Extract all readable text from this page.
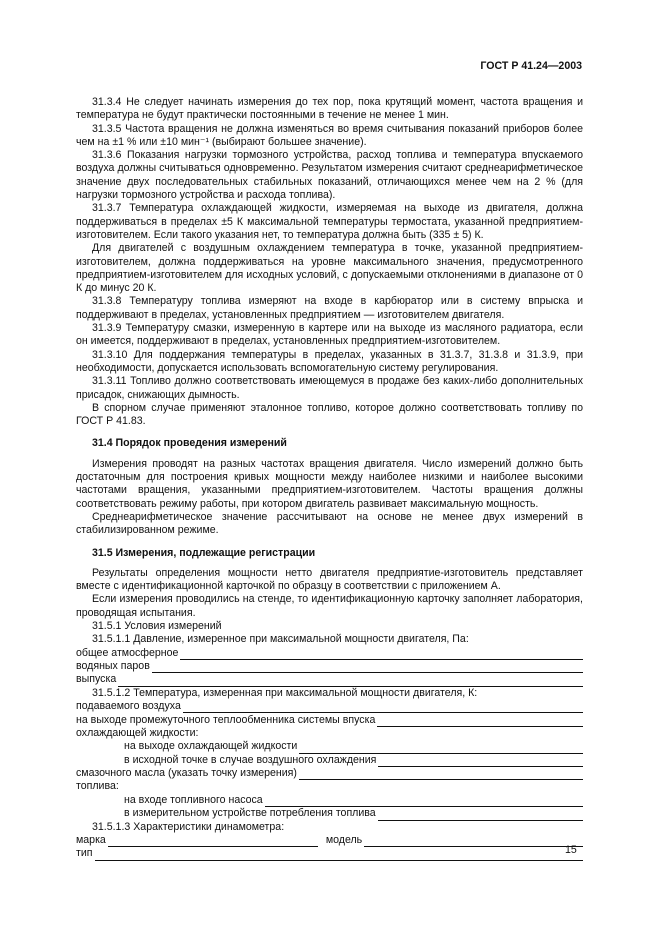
ГОСТ Р 41.24—2003

31.3.4 Не следует начинать измерения до тех пор, пока крутящий момент, частота вращения и температура не будут практически постоянными в течение не менее 1 мин.

31.3.5 Частота вращения не должна изменяться во время считывания показаний приборов более чем на ±1 % или ±10 мин⁻¹ (выбирают большее значение).

31.3.6 Показания нагрузки тормозного устройства, расход топлива и температура впускаемого воздуха должны считываться одновременно. Результатом измерения считают среднеарифметическое значение двух последовательных стабильных показаний, отличающихся менее чем на 2 % (для нагрузки тормозного устройства и расхода топлива).

31.3.7 Температура охлаждающей жидкости, измеряемая на выходе из двигателя, должна поддерживаться в пределах ±5 К максимальной температуры термостата, указанной предприятием-изготовителем. Если такого указания нет, то температура должна быть (335 ± 5) К.

Для двигателей с воздушным охлаждением температура в точке, указанной предприятием-изготовителем, должна поддерживаться на уровне максимального значения, предусмотренного предприятием-изготовителем для исходных условий, с допускаемыми отклонениями в диапазоне от 0 К до минус 20 К.

31.3.8 Температуру топлива измеряют на входе в карбюратор или в систему впрыска и поддерживают в пределах, установленных предприятием — изготовителем двигателя.

31.3.9 Температуру смазки, измеренную в картере или на выходе из масляного радиатора, если он имеется, поддерживают в пределах, установленных предприятием-изготовителем.

31.3.10 Для поддержания температуры в пределах, указанных в 31.3.7, 31.3.8 и 31.3.9, при необходимости, допускается использовать вспомогательную систему регулирования.

31.3.11 Топливо должно соответствовать имеющемуся в продаже без каких-либо дополнительных присадок, снижающих дымность.

В спорном случае применяют эталонное топливо, которое должно соответствовать топливу по ГОСТ Р 41.83.

31.4 Порядок проведения измерений

Измерения проводят на разных частотах вращения двигателя. Число измерений должно быть достаточным для построения кривых мощности между наиболее низкими и наиболее высокими частотами вращения, указанными предприятием-изготовителем. Частоты вращения должны соответствовать режиму работы, при котором двигатель развивает максимальную мощность.

Среднеарифметическое значение рассчитывают на основе не менее двух измерений в стабилизированном режиме.

31.5 Измерения, подлежащие регистрации

Результаты определения мощности нетто двигателя предприятие-изготовитель представляет вместе с идентификационной карточкой по образцу в соответствии с приложением А.

Если измерения проводились на стенде, то идентификационную карточку заполняет лаборатория, проводящая испытания.

31.5.1 Условия измерений

31.5.1.1 Давление, измеренное при максимальной мощности двигателя, Па:

общее атмосферное
водяных паров
выпуска

31.5.1.2 Температура, измеренная при максимальной мощности двигателя, К:

подаваемого воздуха
на выходе промежуточного теплообменника системы впуска
охлаждающей жидкости:
на выходе охлаждающей жидкости
в исходной точке в случае воздушного охлаждения
смазочного масла (указать точку измерения)
топлива:
на входе топливного насоса
в измерительном устройстве потребления топлива

31.5.1.3 Характеристики динамометра:

марка	модель
тип	15
